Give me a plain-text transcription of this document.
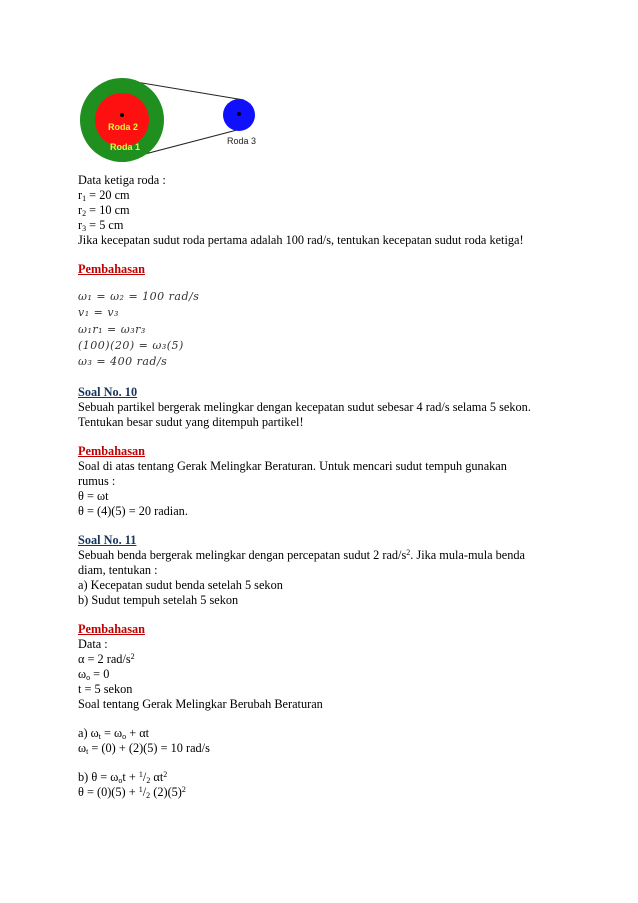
Roda 2
Roda 1
Roda 3
Data ketiga roda :
$r_1 = 20$ cm
$r_2 = 10$ cm
$r_3 = 5$ cm
Jika kecepatan sudut roda pertama adalah 100 rad/s, tentukan kecepatan sudut roda ketiga!
Pembahasan
ω₁ = ω₂ = 100 rad/s
v₁ = v₃
ω₁r₁ = ω₃r₃
(100)(20) = ω₃(5)
ω₃ = 400 rad/s
Soal No. 10
Sebuah partikel bergerak melingkar dengan kecepatan sudut sebesar 4 rad/s selama 5 sekon.
Tentukan besar sudut yang ditempuh partikel!
Pembahasan
Soal di atas tentang Gerak Melingkar Beraturan. Untuk mencari sudut tempuh gunakan
rumus :
θ = ωt
θ = (4)(5) = 20 radian.
Soal No. 11
Sebuah benda bergerak melingkar dengan percepatan sudut 2 rad/$s^2$. Jika mula-mula benda
diam, tentukan :
a) Kecepatan sudut benda setelah 5 sekon
b) Sudut tempuh setelah 5 sekon
Pembahasan
Data :
α = 2 rad/$s^2$
$\omega_o = 0$
t = 5 sekon
Soal tentang Gerak Melingkar Berubah Beraturan
a) $\omega_t = \omega_o + \alpha t$
$\omega_t = (0) + (2)(5) = 10$ rad/s
b) $\theta = \omega_ot + ^1/_2$ $\alpha t^2$
$\theta = (0)(5) + ^1/_2$ $(2)(5)^2$
